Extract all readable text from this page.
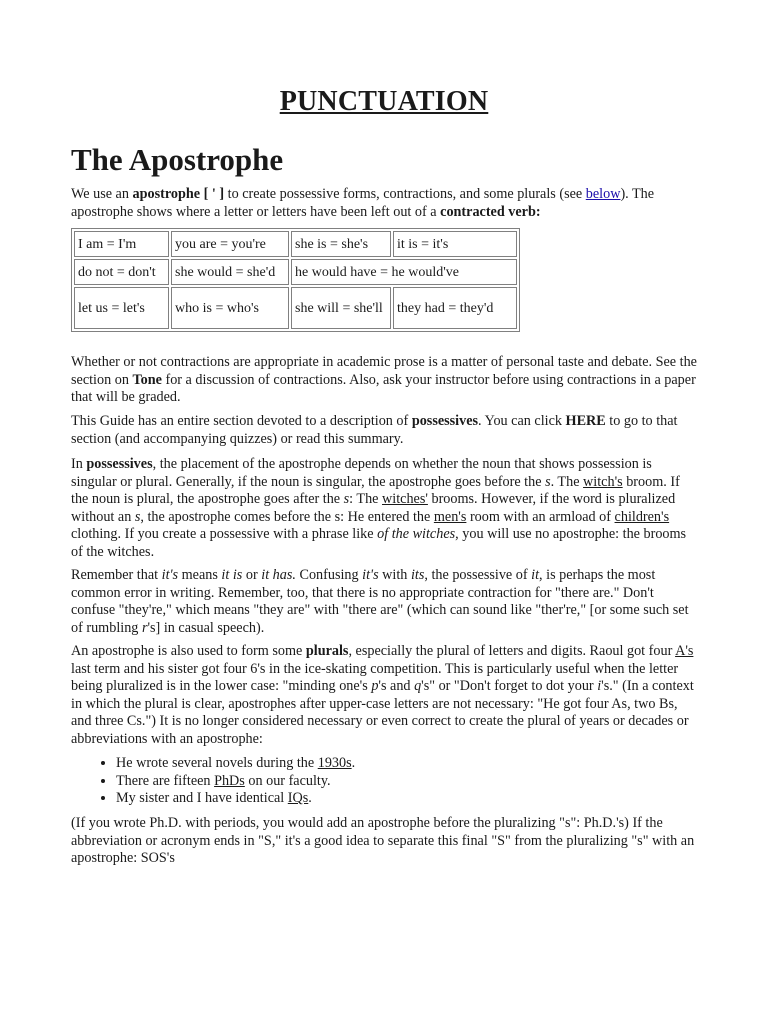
PUNCTUATION
The Apostrophe

We use an apostrophe [ ' ] to create possessive forms, contractions, and some plurals (see below). The apostrophe shows where a letter or letters have been left out of a contracted verb:

I am = I'm	you are = you're	she is = she's	it is = it's
do not = don't	she would = she'd	he would have = he would've	
let us = let's	who is = who's	she will = she'll	they had = they'd

Whether or not contractions are appropriate in academic prose is a matter of personal taste and debate. See the section on Tone for a discussion of contractions. Also, ask your instructor before using contractions in a paper that will be graded.

This Guide has an entire section devoted to a description of possessives. You can click HERE to go to that section (and accompanying quizzes) or read this summary.

In possessives, the placement of the apostrophe depends on whether the noun that shows possession is singular or plural. Generally, if the noun is singular, the apostrophe goes before the s. The witch's broom. If the noun is plural, the apostrophe goes after the s: The witches' brooms. However, if the word is pluralized without an s, the apostrophe comes before the s: He entered the men's room with an armload of children's clothing. If you create a possessive with a phrase like of the witches, you will use no apostrophe: the brooms of the witches.

Remember that it's means it is or it has. Confusing it's with its, the possessive of it, is perhaps the most common error in writing. Remember, too, that there is no appropriate contraction for "there are." Don't confuse "they're," which means "they are" with "there are" (which can sound like "ther're," [or some such set of rumbling r's] in casual speech).

An apostrophe is also used to form some plurals, especially the plural of letters and digits. Raoul got four A's last term and his sister got four 6's in the ice-skating competition. This is particularly useful when the letter being pluralized is in the lower case: "minding one's p's and q's" or "Don't forget to dot your i's." (In a context in which the plural is clear, apostrophes after upper-case letters are not necessary: "He got four As, two Bs, and three Cs.") It is no longer considered necessary or even correct to create the plural of years or decades or abbreviations with an apostrophe:

• He wrote several novels during the 1930s.
• There are fifteen PhDs on our faculty.
• My sister and I have identical IQs.

(If you wrote Ph.D. with periods, you would add an apostrophe before the pluralizing "s": Ph.D.'s) If the abbreviation or acronym ends in "S," it's a good idea to separate this final "S" from the pluralizing "s" with an apostrophe: SOS's
